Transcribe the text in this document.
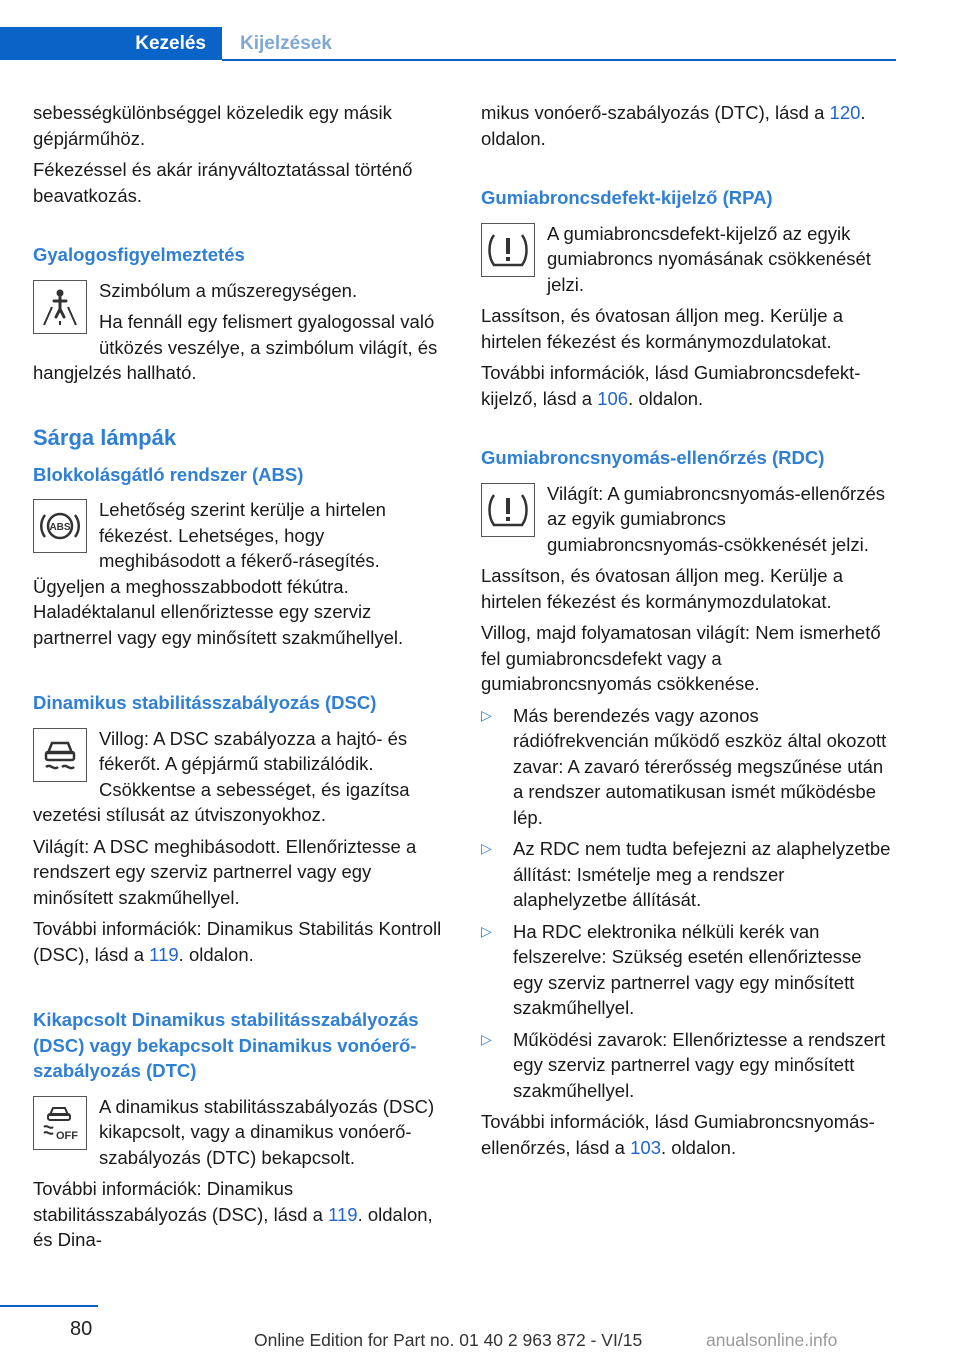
Kezelés	Kijelzések

sebességkülönbséggel közeledik egy másik gépjárműhöz.

Fékezéssel és akár irányváltoztatással történő beavatkozás.

Gyalogosfigyelmeztetés

Szimbólum a műszeregységen.

Ha fennáll egy felismert gyalogossal való ütközés veszélye, a szimbólum világít, és hangjelzés hallható.

Sárga lámpák
Blokkolásgátló rendszer (ABS)
ABS

Lehetőség szerint kerülje a hirtelen fékezést. Lehetséges, hogy meghibásodott a fékerő-rásegítés. Ügyeljen a meghosszabbodott fékútra. Haladéktalanul ellenőriztesse egy szerviz partnerrel vagy egy minősített szakműhellyel.

Dinamikus stabilitásszabályozás (DSC)

Villog: A DSC szabályozza a hajtó- és fékerőt. A gépjármű stabilizálódik. Csökkentse a sebességet, és igazítsa vezetési stílusát az útviszonyokhoz.

Világít: A DSC meghibásodott. Ellenőriztesse a rendszert egy szerviz partnerrel vagy egy minősített szakműhellyel.

További információk: Dinamikus Stabilitás Kontroll (DSC), lásd a 119. oldalon.

Kikapcsolt Dinamikus stabilitásszabályozás (DSC) vagy bekapcsolt Dinamikus vonóerő-szabályozás (DTC)
OFF

A dinamikus stabilitásszabályozás (DSC) kikapcsolt, vagy a dinamikus vonóerő-szabályozás (DTC) bekapcsolt.

További információk: Dinamikus stabilitásszabályozás (DSC), lásd a 119. oldalon, és Dina-

mikus vonóerő-szabályozás (DTC), lásd a 120. oldalon.

Gumiabroncsdefekt-kijelző (RPA)

A gumiabroncsdefekt-kijelző az egyik gumiabroncs nyomásának csökkenését jelzi.

Lassítson, és óvatosan álljon meg. Kerülje a hirtelen fékezést és kormánymozdulatokat.

További információk, lásd Gumiabroncsdefekt-kijelző, lásd a 106. oldalon.

Gumiabroncsnyomás-ellenőrzés (RDC)

Világít: A gumiabroncsnyomás-ellenőrzés az egyik gumiabroncs gumiabroncsnyomás-csökkenését jelzi.

Lassítson, és óvatosan álljon meg. Kerülje a hirtelen fékezést és kormánymozdulatokat.

Villog, majd folyamatosan világít: Nem ismerhető fel gumiabroncsdefekt vagy a gumiabroncsnyomás csökkenése.

▷ Más berendezés vagy azonos rádiófrekvencián működő eszköz által okozott zavar: A zavaró térerősség megszűnése után a rendszer automatikusan ismét működésbe lép.
▷ Az RDC nem tudta befejezni az alaphelyzetbe állítást: Ismételje meg a rendszer alaphelyzetbe állítását.
▷ Ha RDC elektronika nélküli kerék van felszerelve: Szükség esetén ellenőriztesse egy szerviz partnerrel vagy egy minősített szakműhellyel.
▷ Működési zavarok: Ellenőriztesse a rendszert egy szerviz partnerrel vagy egy minősített szakműhellyel.

További információk, lásd Gumiabroncsnyomás-ellenőrzés, lásd a 103. oldalon.

80	Online Edition for Part no. 01 40 2 963 872 - VI/15	anualsonline.info
